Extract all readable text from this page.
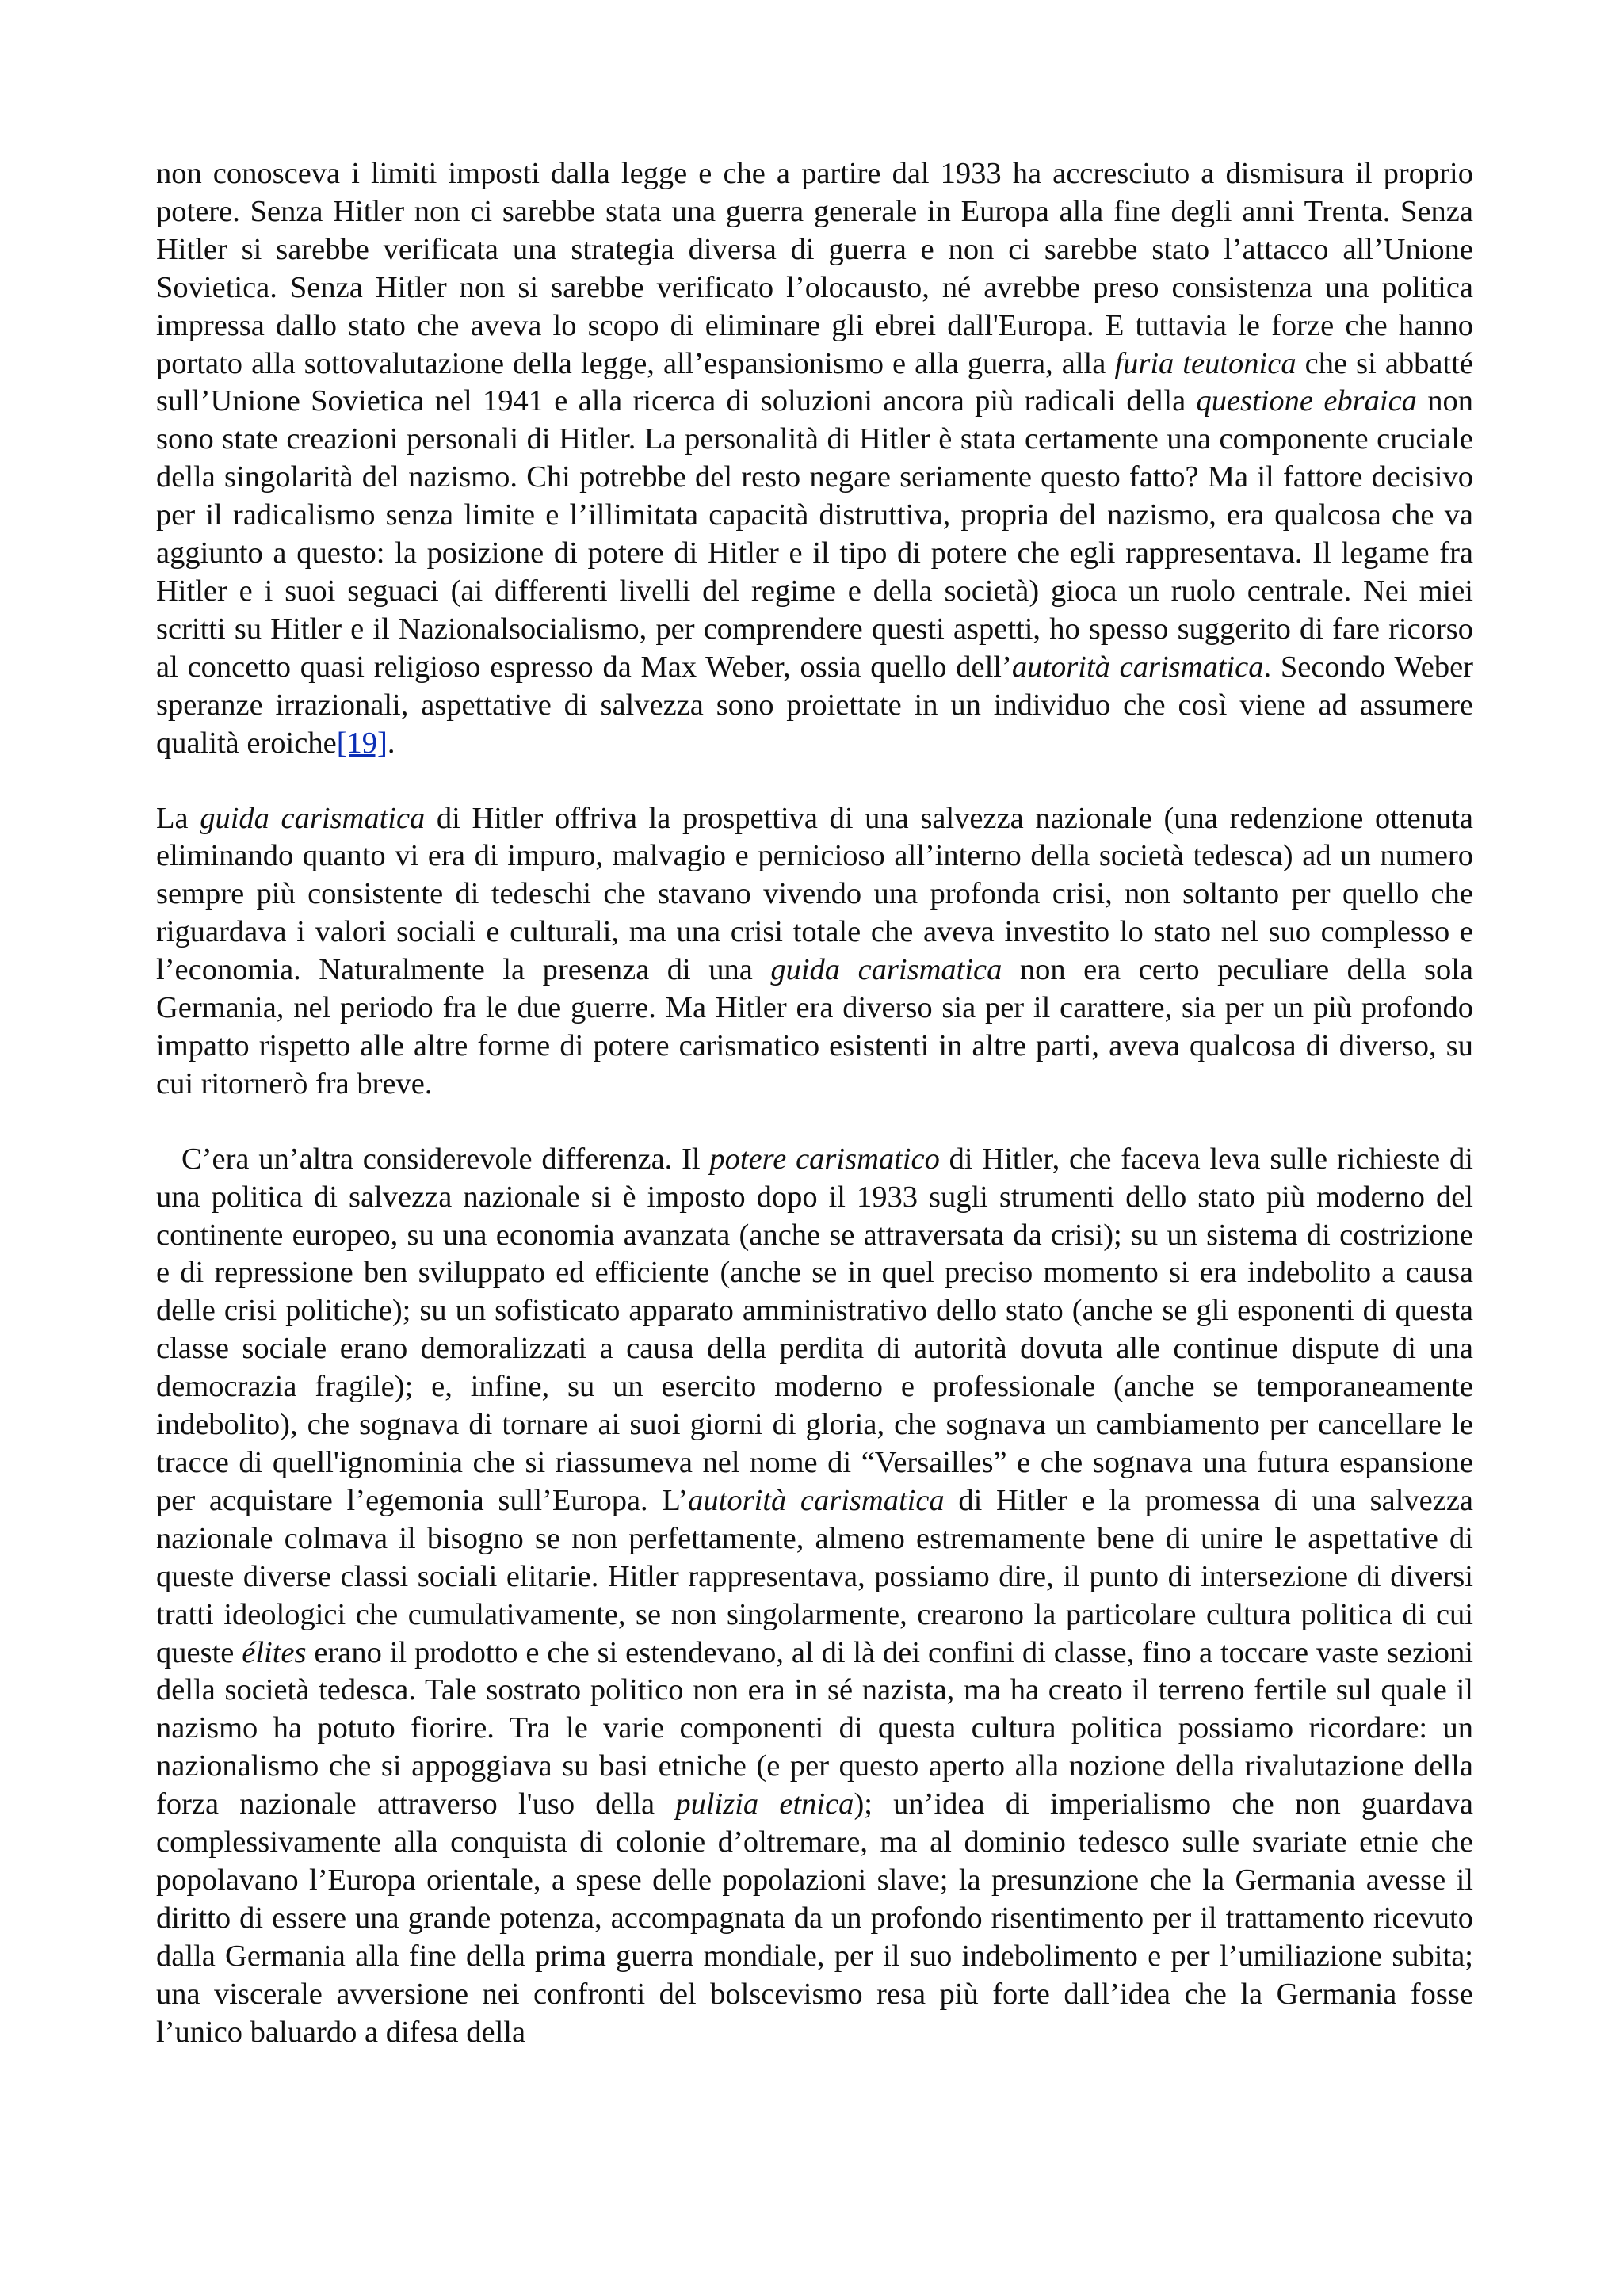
non conosceva i limiti imposti dalla legge e che a partire dal 1933 ha accresciuto a dismisura il proprio potere. Senza Hitler non ci sarebbe stata una guerra generale in Europa alla fine degli anni Trenta. Senza Hitler si sarebbe verificata una strategia diversa di guerra e non ci sarebbe stato l’attacco all’Unione Sovietica. Senza Hitler non si sarebbe verificato l’olocausto, né avrebbe preso consistenza una politica impressa dallo stato che aveva lo scopo di eliminare gli ebrei dall'Europa. E tuttavia le forze che hanno portato alla sottovalutazione della legge, all’espansionismo e alla guerra, alla furia teutonica che si abbatté sull’Unione Sovietica nel 1941 e alla ricerca di soluzioni ancora più radicali della questione ebraica non sono state creazioni personali di Hitler. La personalità di Hitler è stata certamente una componente cruciale della singolarità del nazismo. Chi potrebbe del resto negare seriamente questo fatto? Ma il fattore decisivo per il radicalismo senza limite e l’illimitata capacità distruttiva, propria del nazismo, era qualcosa che va aggiunto a questo: la posizione di potere di Hitler e il tipo di potere che egli rappresentava. Il legame fra Hitler e i suoi seguaci (ai differenti livelli del regime e della società) gioca un ruolo centrale. Nei miei scritti su Hitler e il Nazionalsocialismo, per comprendere questi aspetti, ho spesso suggerito di fare ricorso al concetto quasi religioso espresso da Max Weber, ossia quello dell’autorità carismatica. Secondo Weber speranze irrazionali, aspettative di salvezza sono proiettate in un individuo che così viene ad assumere qualità eroiche[19].

La guida carismatica di Hitler offriva la prospettiva di una salvezza nazionale (una redenzione ottenuta eliminando quanto vi era di impuro, malvagio e pernicioso all’interno della società tedesca) ad un numero sempre più consistente di tedeschi che stavano vivendo una profonda crisi, non soltanto per quello che riguardava i valori sociali e culturali, ma una crisi totale che aveva investito lo stato nel suo complesso e l’economia. Naturalmente la presenza di una guida carismatica non era certo peculiare della sola Germania, nel periodo fra le due guerre. Ma Hitler era diverso sia per il carattere, sia per un più profondo impatto rispetto alle altre forme di potere carismatico esistenti in altre parti, aveva qualcosa di diverso, su cui ritornerò fra breve.

C’era un’altra considerevole differenza. Il potere carismatico di Hitler, che faceva leva sulle richieste di una politica di salvezza nazionale si è imposto dopo il 1933 sugli strumenti dello stato più moderno del continente europeo, su una economia avanzata (anche se attraversata da crisi); su un sistema di costrizione e di repressione ben sviluppato ed efficiente (anche se in quel preciso momento si era indebolito a causa delle crisi politiche); su un sofisticato apparato amministrativo dello stato (anche se gli esponenti di questa classe sociale erano demoralizzati a causa della perdita di autorità dovuta alle continue dispute di una democrazia fragile); e, infine, su un esercito moderno e professionale (anche se temporaneamente indebolito), che sognava di tornare ai suoi giorni di gloria, che sognava un cambiamento per cancellare le tracce di quell'ignominia che si riassumeva nel nome di “Versailles” e che sognava una futura espansione per acquistare l’egemonia sull’Europa. L’autorità carismatica di Hitler e la promessa di una salvezza nazionale colmava il bisogno se non perfettamente, almeno estremamente bene di unire le aspettative di queste diverse classi sociali elitarie. Hitler rappresentava, possiamo dire, il punto di intersezione di diversi tratti ideologici che cumulativamente, se non singolarmente, crearono la particolare cultura politica di cui queste élites erano il prodotto e che si estendevano, al di là dei confini di classe, fino a toccare vaste sezioni della società tedesca. Tale sostrato politico non era in sé nazista, ma ha creato il terreno fertile sul quale il nazismo ha potuto fiorire. Tra le varie componenti di questa cultura politica possiamo ricordare: un nazionalismo che si appoggiava su basi etniche (e per questo aperto alla nozione della rivalutazione della forza nazionale attraverso l'uso della pulizia etnica); un’idea di imperialismo che non guardava complessivamente alla conquista di colonie d’oltremare, ma al dominio tedesco sulle svariate etnie che popolavano l’Europa orientale, a spese delle popolazioni slave; la presunzione che la Germania avesse il diritto di essere una grande potenza, accompagnata da un profondo risentimento per il trattamento ricevuto dalla Germania alla fine della prima guerra mondiale, per il suo indebolimento e per l’umiliazione subita; una viscerale avversione nei confronti del bolscevismo resa più forte dall’idea che la Germania fosse l’unico baluardo a difesa della
